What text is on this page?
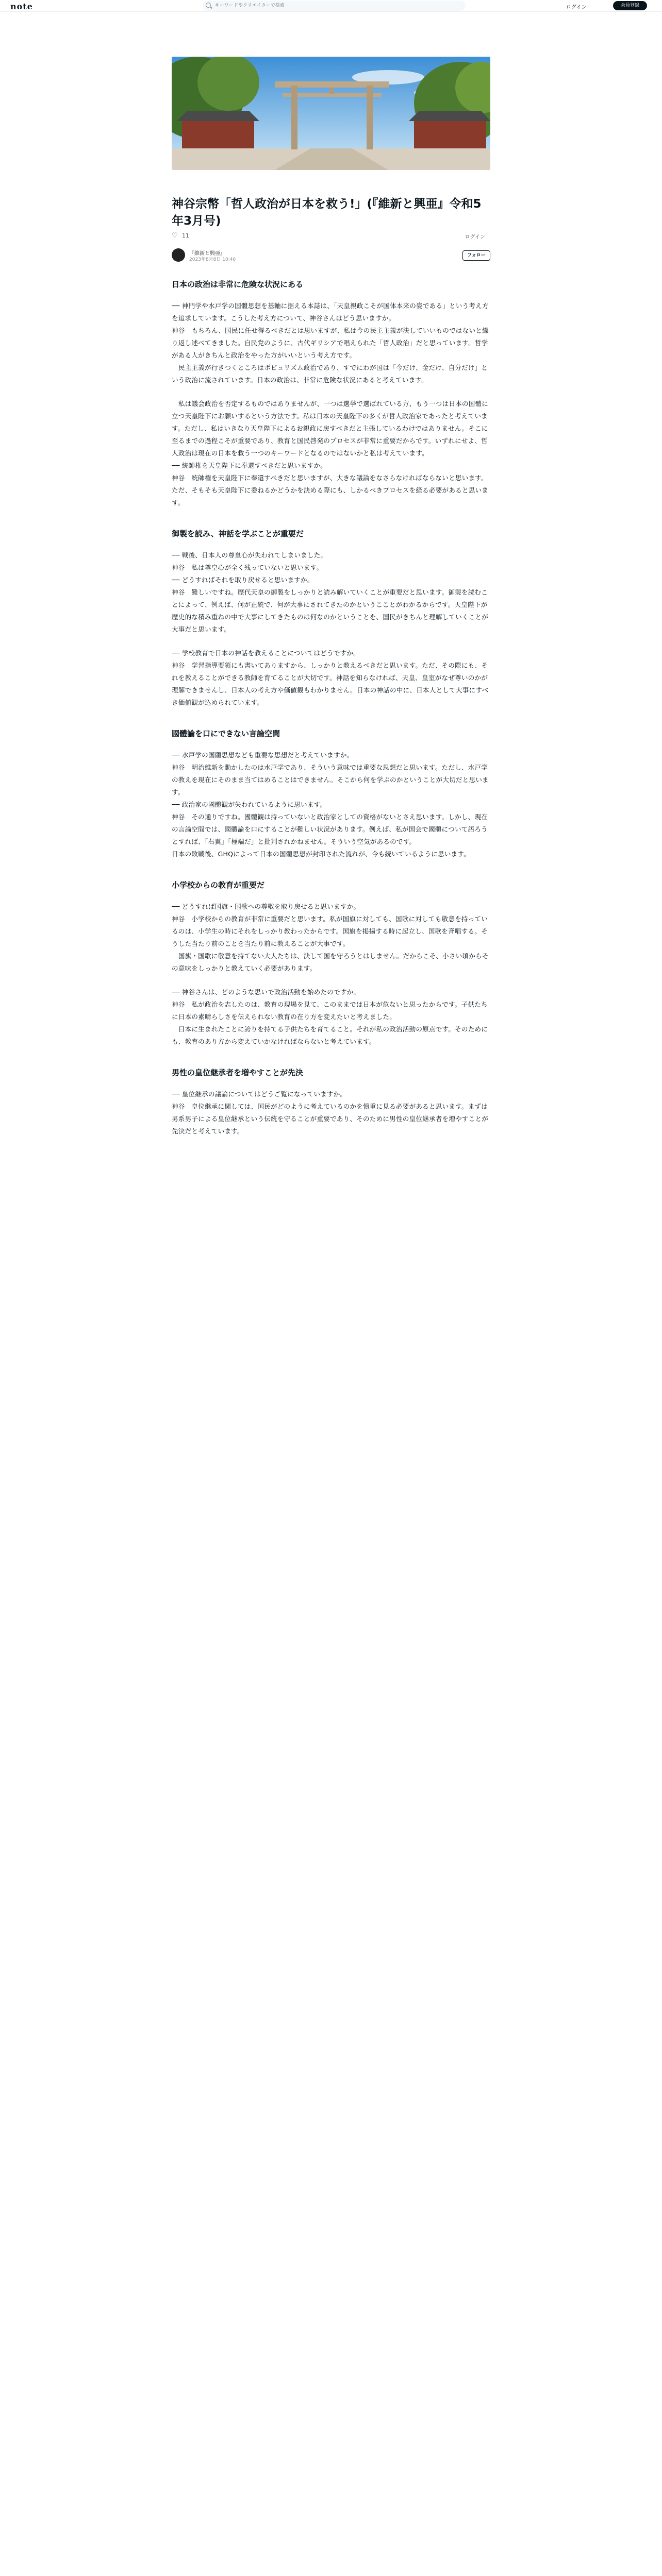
note
キーワードやクリエイターで検索	ログイン	会員登録
神谷宗幣「哲人政治が日本を救う!」(『維新と興亜』令和5年3月号)
♡ 11	ログイン
『維新と興亜』
2023年8月8日 10:40
フォロー
日本の政治は非常に危険な状況にある

── 神門学や水戸学の国體思想を基軸に据える本誌は、「天皇親政こそが国体本来の姿である」という考え方を追求しています。こうした考え方について、神谷さんはどう思いますか。
神谷　もちろん、国民に任せ得るべきだとは思いますが、私は今の民主主義が決していいものではないと繰り返し述べてきました。自民党のように、古代ギリシアで唱えられた「哲人政治」だと思っています。哲学がある人がきちんと政治をやった方がいいという考え方です。
　民主主義が行きつくところはポピュリズム政治であり、すでにわが国は「今だけ、金だけ、自分だけ」という政治に流されています。日本の政治は、非常に危険な状況にあると考えています。

　私は議会政治を否定するものではありませんが、一つは選挙で選ばれている方、もう一つは日本の国體に立つ天皇陛下にお願いするという方法です。私は日本の天皇陛下の多くが哲人政治家であったと考えています。ただし、私はいきなり天皇陛下によるお親政に戻すべきだと主張しているわけではありません。そこに至るまでの過程こそが重要であり、教育と国民啓発のプロセスが非常に重要だからです。いずれにせよ、哲人政治は現在の日本を救う一つのキーワードとなるのではないかと私は考えています。
── 統帥権を天皇陛下に奉還すべきだと思いますか。
神谷　統帥権を天皇陛下に奉還すべきだと思いますが、大きな議論をなさらなければならないと思います。ただ、そもそも天皇陛下に委ねるかどうかを決める際にも、しかるべきプロセスを経る必要があると思います。

御製を読み、神話を学ぶことが重要だ

── 戦後、日本人の尊皇心が失われてしまいました。
神谷　私は尊皇心が全く残っていないと思います。
── どうすればそれを取り戻せると思いますか。
神谷　難しいですね。歴代天皇の御製をしっかりと読み解いていくことが重要だと思います。御製を読むことによって、例えば、何が正統で、何が大事にされてきたのかというこことがわかるからです。天皇陛下が歴史的な積み重ねの中で大事にしてきたものは何なのかということを、国民がきちんと理解していくことが大事だと思います。

── 学校教育で日本の神話を教えることについてはどうですか。
神谷　学習指導要領にも書いてありますから、しっかりと教えるべきだと思います。ただ、その際にも、それを教えることができる教師を育てることが大切です。神話を知らなければ、天皇、皇室がなぜ尊いのかが理解できませんし、日本人の考え方や価値観もわかりません。日本の神話の中に、日本人として大事にすべき価値観が込められています。

國體論を口にできない言論空間

── 水戸学の国體思想なども重要な思想だと考えていますか。
神谷　明治維新を動かしたのは水戸学であり、そういう意味では重要な思想だと思います。ただし、水戸学の教えを現在にそのまま当てはめることはできません。そこから何を学ぶのかということが大切だと思います。
── 政治家の國體観が失われているように思います。
神谷　その通りですね。國體観は持っていないと政治家としての資格がないとさえ思います。しかし、現在の言論空間では、國體論を口にすることが難しい状況があります。例えば、私が国会で國體について語ろうとすれば、「右翼」「極端だ」と批判されかねません。そういう空気があるのです。
日本の敗戦後、GHQによって日本の国體思想が封印された流れが、今も続いているように思います。

小学校からの教育が重要だ

── どうすれば国旗・国歌への尊敬を取り戻せると思いますか。
神谷　小学校からの教育が非常に重要だと思います。私が国旗に対しても、国歌に対しても敬意を持っているのは、小学生の時にそれをしっかり教わったからです。国旗を掲揚する時に起立し、国歌を斉唱する。そうした当たり前のことを当たり前に教えることが大事です。
　国旗・国歌に敬意を持てない大人たちは、決して国を守ろうとはしません。だからこそ、小さい頃からその意味をしっかりと教えていく必要があります。

── 神谷さんは、どのような思いで政治活動を始めたのですか。
神谷　私が政治を志したのは、教育の現場を見て、このままでは日本が危ないと思ったからです。子供たちに日本の素晴らしさを伝えられない教育の在り方を変えたいと考えました。
　日本に生まれたことに誇りを持てる子供たちを育てること。それが私の政治活動の原点です。そのためにも、教育のあり方から変えていかなければならないと考えています。

男性の皇位継承者を増やすことが先決

── 皇位継承の議論についてはどうご覧になっていますか。
神谷　皇位継承に関しては、国民がどのように考えているのかを慎重に見る必要があると思います。まずは男系男子による皇位継承という伝統を守ることが重要であり、そのために男性の皇位継承者を増やすことが先決だと考えています。
